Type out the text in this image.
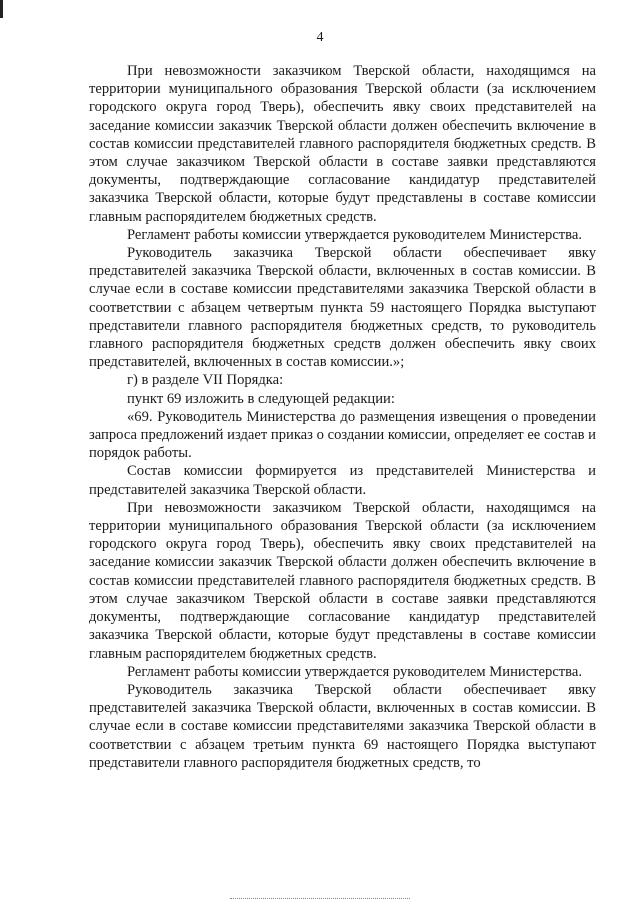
4

При невозможности заказчиком Тверской области, находящимся на территории муниципального образования Тверской области (за исключением городского округа город Тверь), обеспечить явку своих представителей на заседание комиссии заказчик Тверской области должен обеспечить включение в состав комиссии представителей главного распорядителя бюджетных средств. В этом случае заказчиком Тверской области в составе заявки представляются документы, подтверждающие согласование кандидатур представителей заказчика Тверской области, которые будут представлены в составе комиссии главным распорядителем бюджетных средств.

Регламент работы комиссии утверждается руководителем Министерства.

Руководитель заказчика Тверской области обеспечивает явку представителей заказчика Тверской области, включенных в состав комиссии. В случае если в составе комиссии представителями заказчика Тверской области в соответствии с абзацем четвертым пункта 59 настоящего Порядка выступают представители главного распорядителя бюджетных средств, то руководитель главного распорядителя бюджетных средств должен обеспечить явку своих представителей, включенных в состав комиссии.»;

г) в разделе VII Порядка:

пункт 69 изложить в следующей редакции:

«69. Руководитель Министерства до размещения извещения о проведении запроса предложений издает приказ о создании комиссии, определяет ее состав и порядок работы.

Состав комиссии формируется из представителей Министерства и представителей заказчика Тверской области.

При невозможности заказчиком Тверской области, находящимся на территории муниципального образования Тверской области (за исключением городского округа город Тверь), обеспечить явку своих представителей на заседание комиссии заказчик Тверской области должен обеспечить включение в состав комиссии представителей главного распорядителя бюджетных средств. В этом случае заказчиком Тверской области в составе заявки представляются документы, подтверждающие согласование кандидатур представителей заказчика Тверской области, которые будут представлены в составе комиссии главным распорядителем бюджетных средств.

Регламент работы комиссии утверждается руководителем Министерства.

Руководитель заказчика Тверской области обеспечивает явку представителей заказчика Тверской области, включенных в состав комиссии. В случае если в составе комиссии представителями заказчика Тверской области в соответствии с абзацем третьим пункта 69 настоящего Порядка выступают представители главного распорядителя бюджетных средств, то
